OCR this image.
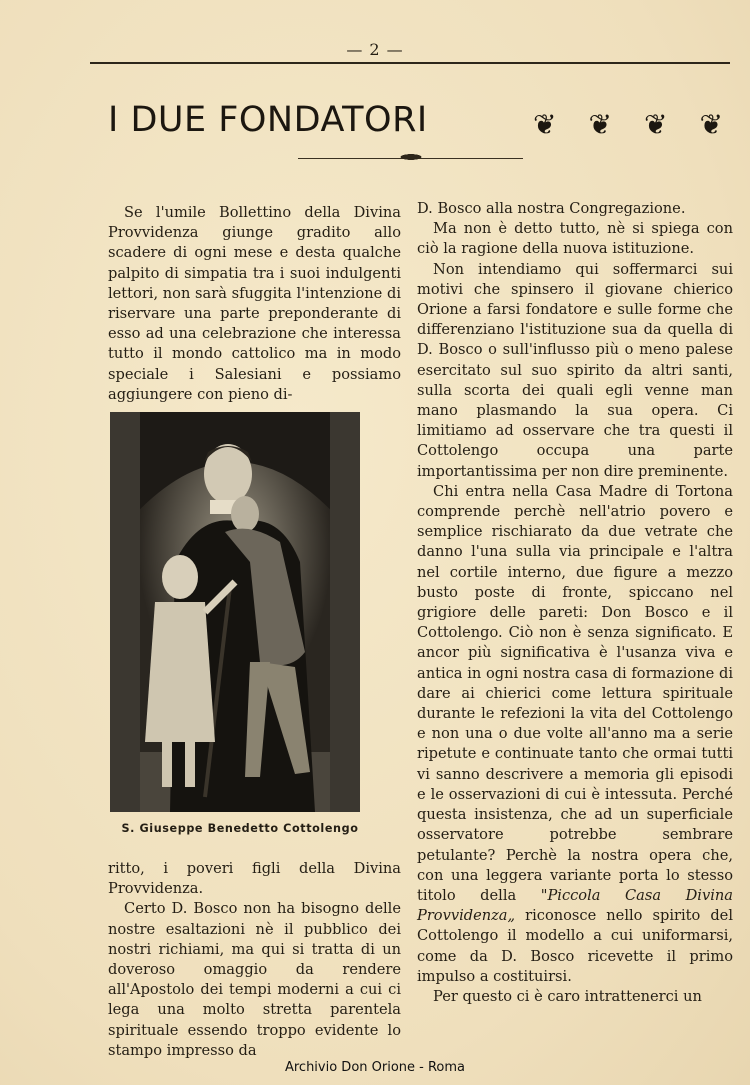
— 2 —
I DUE FONDATORI	❦ ❦ ❦ ❦

Se l'umile Bollettino della Divina Provvidenza giunge gradito allo scadere di ogni mese e desta qualche palpito di simpatia tra i suoi indulgenti lettori, non sarà sfuggita l'intenzione di riservare una parte preponderante di esso ad una celebrazione che interessa tutto il mondo cattolico ma in modo speciale i Salesiani e possiamo aggiungere con pieno di-

S. Giuseppe Benedetto Cottolengo

ritto, i poveri figli della Divina Provvidenza.

Certo D. Bosco non ha bisogno delle nostre esaltazioni nè il pubblico dei nostri richiami, ma qui si tratta di un doveroso omaggio da rendere all'Apostolo dei tempi moderni a cui ci lega una molto stretta parentela spirituale essendo troppo evidente lo stampo impresso da

D. Bosco alla nostra Congregazione.

Ma non è detto tutto, nè si spiega con ciò la ragione della nuova istituzione.

Non intendiamo qui soffermarci sui motivi che spinsero il giovane chierico Orione a farsi fondatore e sulle forme che differenziano l'istituzione sua da quella di D. Bosco o sull'influsso più o meno palese esercitato sul suo spirito da altri santi, sulla scorta dei quali egli venne man mano plasmando la sua opera. Ci limitiamo ad osservare che tra questi il Cottolengo occupa una parte importantissima per non dire preminente.

Chi entra nella Casa Madre di Tortona comprende perchè nell'atrio povero e semplice rischiarato da due vetrate che danno l'una sulla via principale e l'altra nel cortile interno, due figure a mezzo busto poste di fronte, spiccano nel grigiore delle pareti: Don Bosco e il Cottolengo. Ciò non è senza significato. E ancor più significativa è l'usanza viva e antica in ogni nostra casa di formazione di dare ai chierici come lettura spirituale durante le refezioni la vita del Cottolengo e non una o due volte all'anno ma a serie ripetute e continuate tanto che ormai tutti vi sanno descrivere a memoria gli episodi e le osservazioni di cui è intessuta. Perché questa insistenza, che ad un superficiale osservatore potrebbe sembrare petulante? Perchè la nostra opera che, con una leggera variante porta lo stesso titolo della "Piccola Casa Divina Provvidenza„ riconosce nello spirito del Cottolengo il modello a cui uniformarsi, come da D. Bosco ricevette il primo impulso a costituirsi.

Per questo ci è caro intrattenerci un

Archivio Don Orione - Roma
